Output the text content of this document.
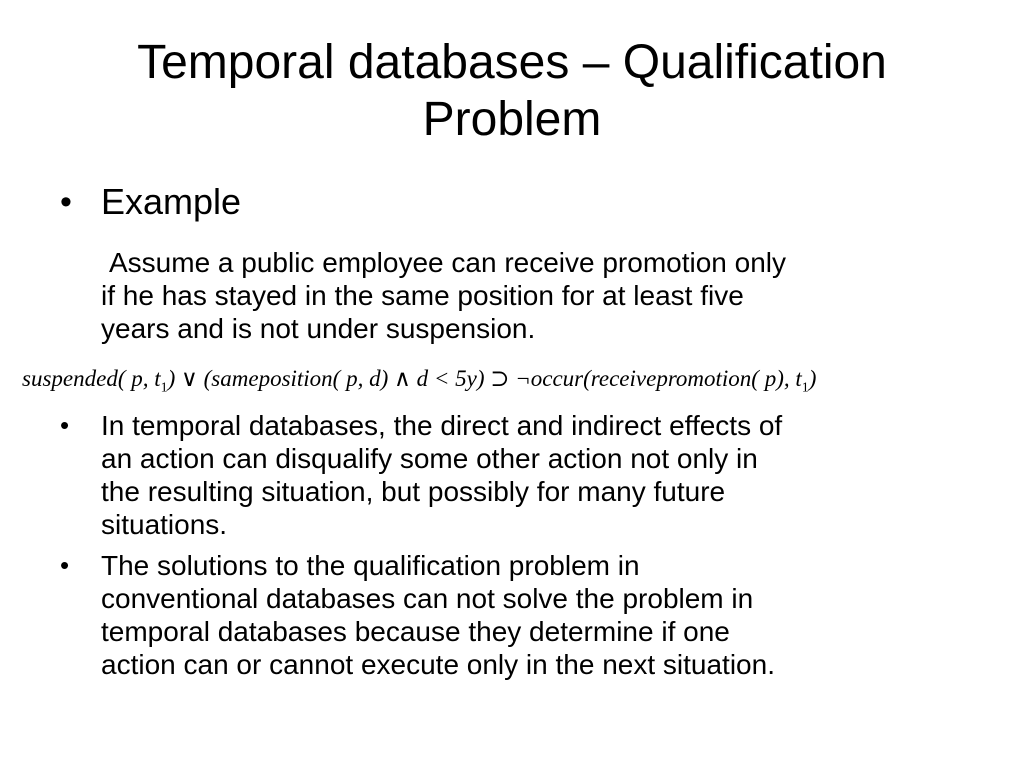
Temporal databases – Qualification
Problem
• Example
Assume a public employee can receive promotion only
if he has stayed in the same position for at least five
years and is not under suspension.
suspended( p, $t_1$) ∨ (sameposition( p, d) ∧ d < 5y) ⊃ ¬occur(receivepromotion( p), $t_1$)
• In temporal databases, the direct and indirect effects of
an action can disqualify some other action not only in
the resulting situation, but possibly for many future
situations.
• The solutions to the qualification problem in
conventional databases can not solve the problem in
temporal databases because they determine if one
action can or cannot execute only in the next situation.
